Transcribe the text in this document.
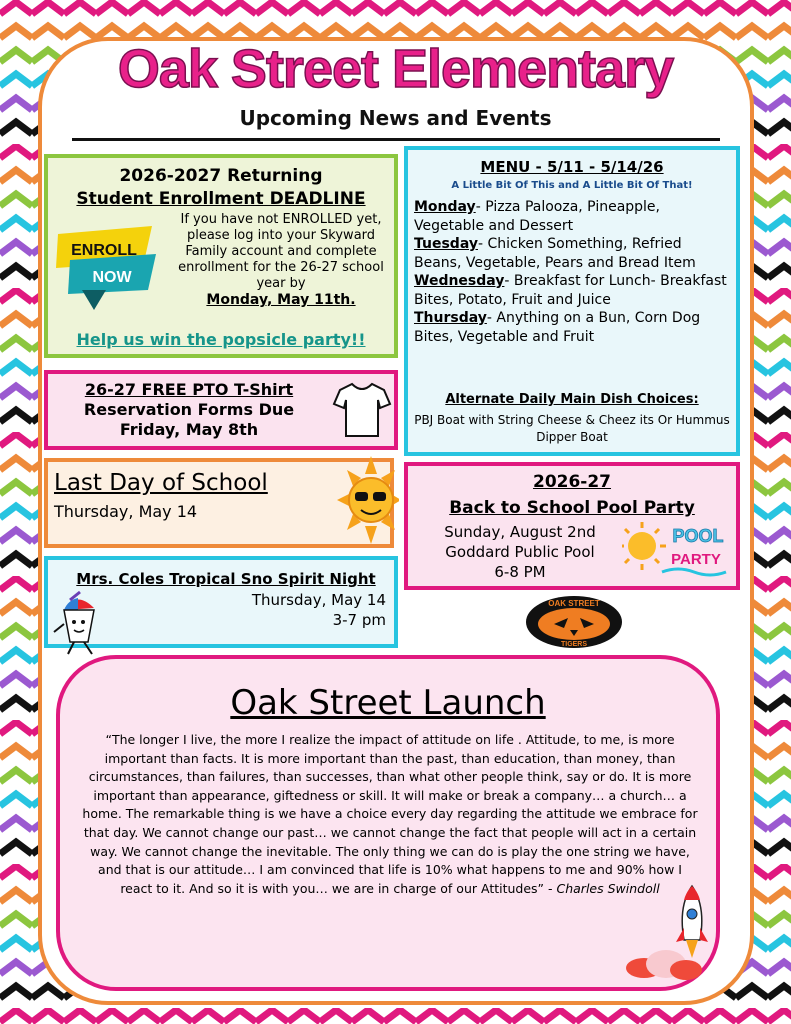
Oak Street Elementary
Upcoming News and Events
2026-2027 Returning
Student Enrollment DEADLINE
ENROLL
NOW
If you have not ENROLLED yet, please log into your Skyward Family account and complete enrollment for the 26-27 school year by
Monday, May 11th.
Help us win the popsicle party!!
MENU - 5/11 - 5/14/26
A Little Bit Of This and A Little Bit Of That!
Monday- Pizza Palooza, Pineapple, Vegetable and Dessert
Tuesday- Chicken Something, Refried Beans, Vegetable, Pears and Bread Item
Wednesday- Breakfast for Lunch- Breakfast Bites, Potato, Fruit and Juice
Thursday- Anything on a Bun, Corn Dog Bites, Vegetable and Fruit
Alternate Daily Main Dish Choices:
PBJ Boat with String Cheese & Cheez its Or Hummus Dipper Boat
26-27 FREE PTO T-Shirt
Reservation Forms Due Friday, May 8th
Last Day of School
Thursday, May 14
Mrs. Coles Tropical Sno Spirit Night
Thursday, May 14
3-7 pm
2026-27
Back to School Pool Party
Sunday, August 2nd
Goddard Public Pool
6-8 PM
POOL
PARTY
OAK STREET
TIGERS
Oak Street Launch
“The longer I live, the more I realize the impact of attitude on life . Attitude, to me, is more important than facts. It is more important than the past, than education, than money, than circumstances, than failures, than successes, than what other people think, say or do. It is more important than appearance, giftedness or skill. It will make or break a company… a church… a home. The remarkable thing is we have a choice every day regarding the attitude we embrace for that day. We cannot change our past… we cannot change the fact that people will act in a certain way. We cannot change the inevitable. The only thing we can do is play the one string we have, and that is our attitude… I am convinced that life is 10% what happens to me and 90% how I react to it. And so it is with you… we are in charge of our Attitudes” - Charles Swindoll
